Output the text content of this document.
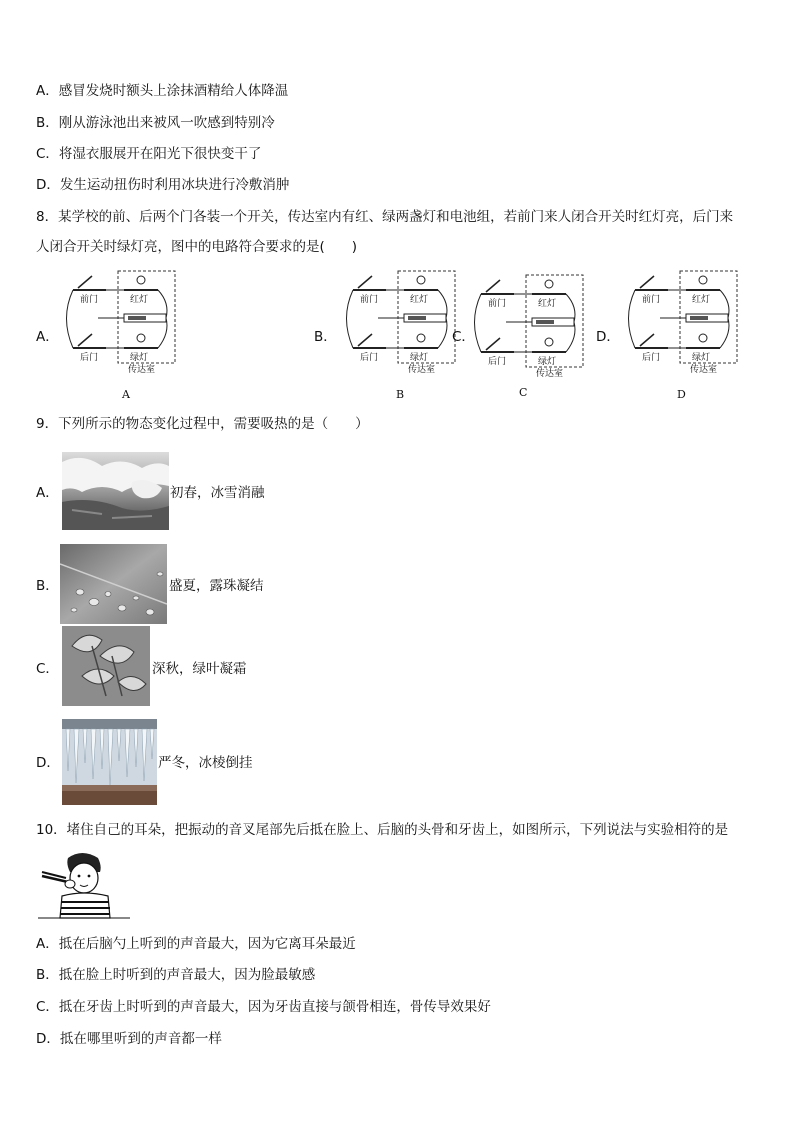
A．感冒发烧时额头上涂抹酒精给人体降温
B．刚从游泳池出来被风一吹感到特别冷
C．将湿衣服展开在阳光下很快变干了
D．发生运动扭伤时利用冰块进行冷敷消肿
8．某学校的前、后两个门各装一个开关，传达室内有红、绿两盏灯和电池组，若前门来人闭合开关时红灯亮，后门来
人闭合开关时绿灯亮，图中的电路符合要求的是(　　)
A．
前门	红灯
后门	绿灯
传达室
B．
前门	红灯
后门	绿灯
传达室
C．
前门	红灯
后门	绿灯
传达室
D．
前门	红灯
后门	绿灯
传达室
A	B	C	D
9．下列所示的物态变化过程中，需要吸热的是（　　）
A．	初春，冰雪消融
B．	盛夏，露珠凝结
C．	深秋，绿叶凝霜
D．	严冬，冰棱倒挂
10．堵住自己的耳朵，把振动的音叉尾部先后抵在脸上、后脑的头骨和牙齿上，如图所示，下列说法与实验相符的是
A．抵在后脑勺上听到的声音最大，因为它离耳朵最近
B．抵在脸上时听到的声音最大，因为脸最敏感
C．抵在牙齿上时听到的声音最大，因为牙齿直接与颌骨相连，骨传导效果好
D．抵在哪里听到的声音都一样
